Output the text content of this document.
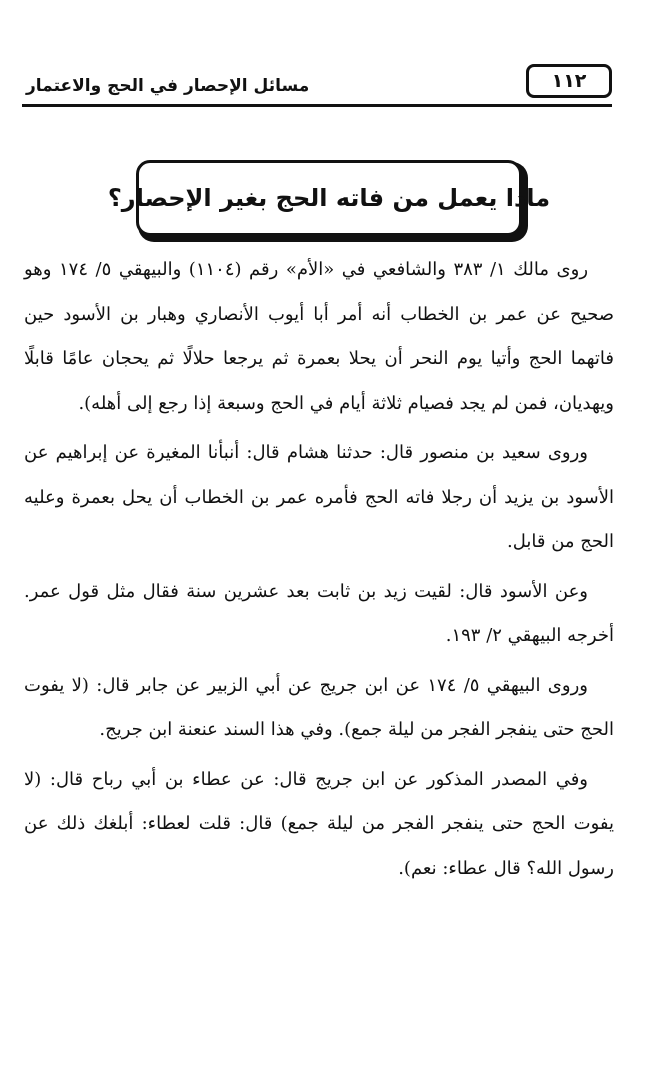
مسائل الإحصار في الحج والاعتمار	١١٢
ماذا يعمل من فاته الحج بغير الإحصار؟

روى مالك ١/ ٣٨٣ والشافعي في «الأم» رقم (١١٠٤) والبيهقي ٥/ ١٧٤ وهو صحيح عن عمر بن الخطاب أنه أمر أبا أيوب الأنصاري وهبار بن الأسود حين فاتهما الحج وأتيا يوم النحر أن يحلا بعمرة ثم يرجعا حلالًا ثم يحجان عامًا قابلًا ويهديان، فمن لم يجد فصيام ثلاثة أيام في الحج وسبعة إذا رجع إلى أهله).

وروى سعيد بن منصور قال: حدثنا هشام قال: أنبأنا المغيرة عن إبراهيم عن الأسود بن يزيد أن رجلا فاته الحج فأمره عمر بن الخطاب أن يحل بعمرة وعليه الحج من قابل.

وعن الأسود قال: لقيت زيد بن ثابت بعد عشرين سنة فقال مثل قول عمر. أخرجه البيهقي ٢/ ١٩٣.

وروى البيهقي ٥/ ١٧٤ عن ابن جريج عن أبي الزبير عن جابر قال: (لا يفوت الحج حتى ينفجر الفجر من ليلة جمع). وفي هذا السند عنعنة ابن جريج.

وفي المصدر المذكور عن ابن جريج قال: عن عطاء بن أبي رباح قال: (لا يفوت الحج حتى ينفجر الفجر من ليلة جمع) قال: قلت لعطاء: أبلغك ذلك عن رسول الله؟ قال عطاء: نعم).
